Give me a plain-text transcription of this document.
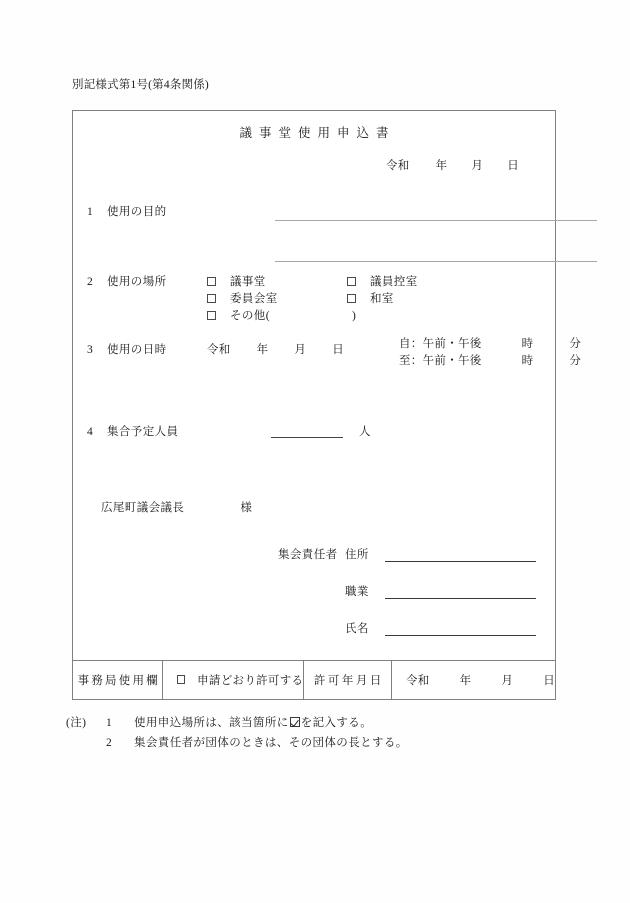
別記様式第1号(第4条関係)
議事堂使用申込書
令和 年 月 日
1 使用の目的
2 使用の場所	議事堂	議員控室
委員会室	和室
その他(	)
3 使用の日時	令和 年 月 日	自：午前・午後	時	分
至：午前・午後	時	分
4 集合予定人員	人
広尾町議会議長	様
集会責任者 住所
職業
氏名
事務局使用欄	申請どおり許可する 許可年月日	令和	年	月	日
(注) 1 使用申込場所は、該当箇所に を記入する。
2 集会責任者が団体のときは、その団体の長とする。
